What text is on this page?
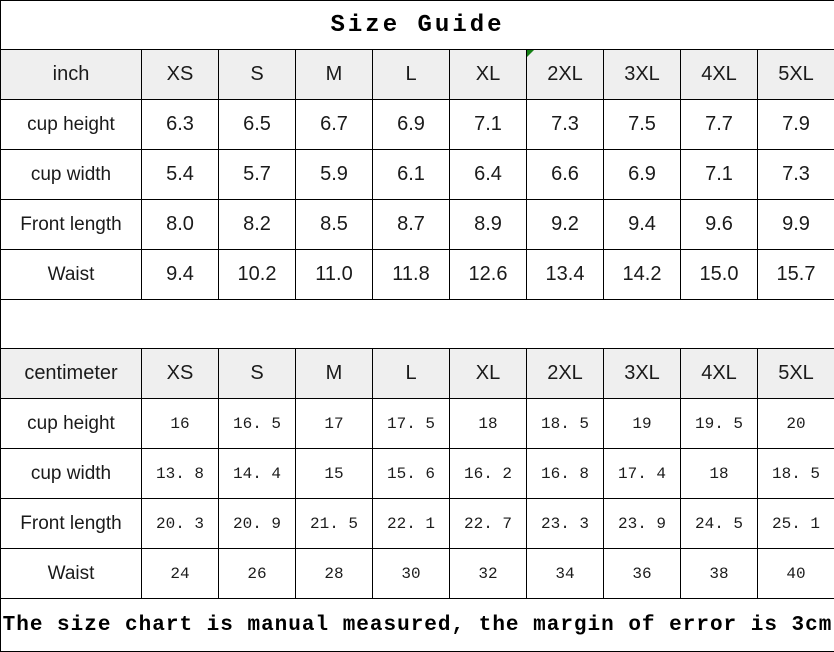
Size Guide									
inch	XS	S	M	L	XL	2XL	3XL	4XL	5XL
cup height	6.3	6.5	6.7	6.9	7.1	7.3	7.5	7.7	7.9
cup width	5.4	5.7	5.9	6.1	6.4	6.6	6.9	7.1	7.3
Front length	8.0	8.2	8.5	8.7	8.9	9.2	9.4	9.6	9.9
Waist	9.4	10.2	11.0	11.8	12.6	13.4	14.2	15.0	15.7

centimeter	XS	S	M	L	XL	2XL	3XL	4XL	5XL
cup height	16	16. 5	17	17. 5	18	18. 5	19	19. 5	20
cup width	13. 8	14. 4	15	15. 6	16. 2	16. 8	17. 4	18	18. 5
Front length	20. 3	20. 9	21. 5	22. 1	22. 7	23. 3	23. 9	24. 5	25. 1
Waist	24	26	28	30	32	34	36	38	40
The size chart is manual measured, the margin of error is 3cm									
